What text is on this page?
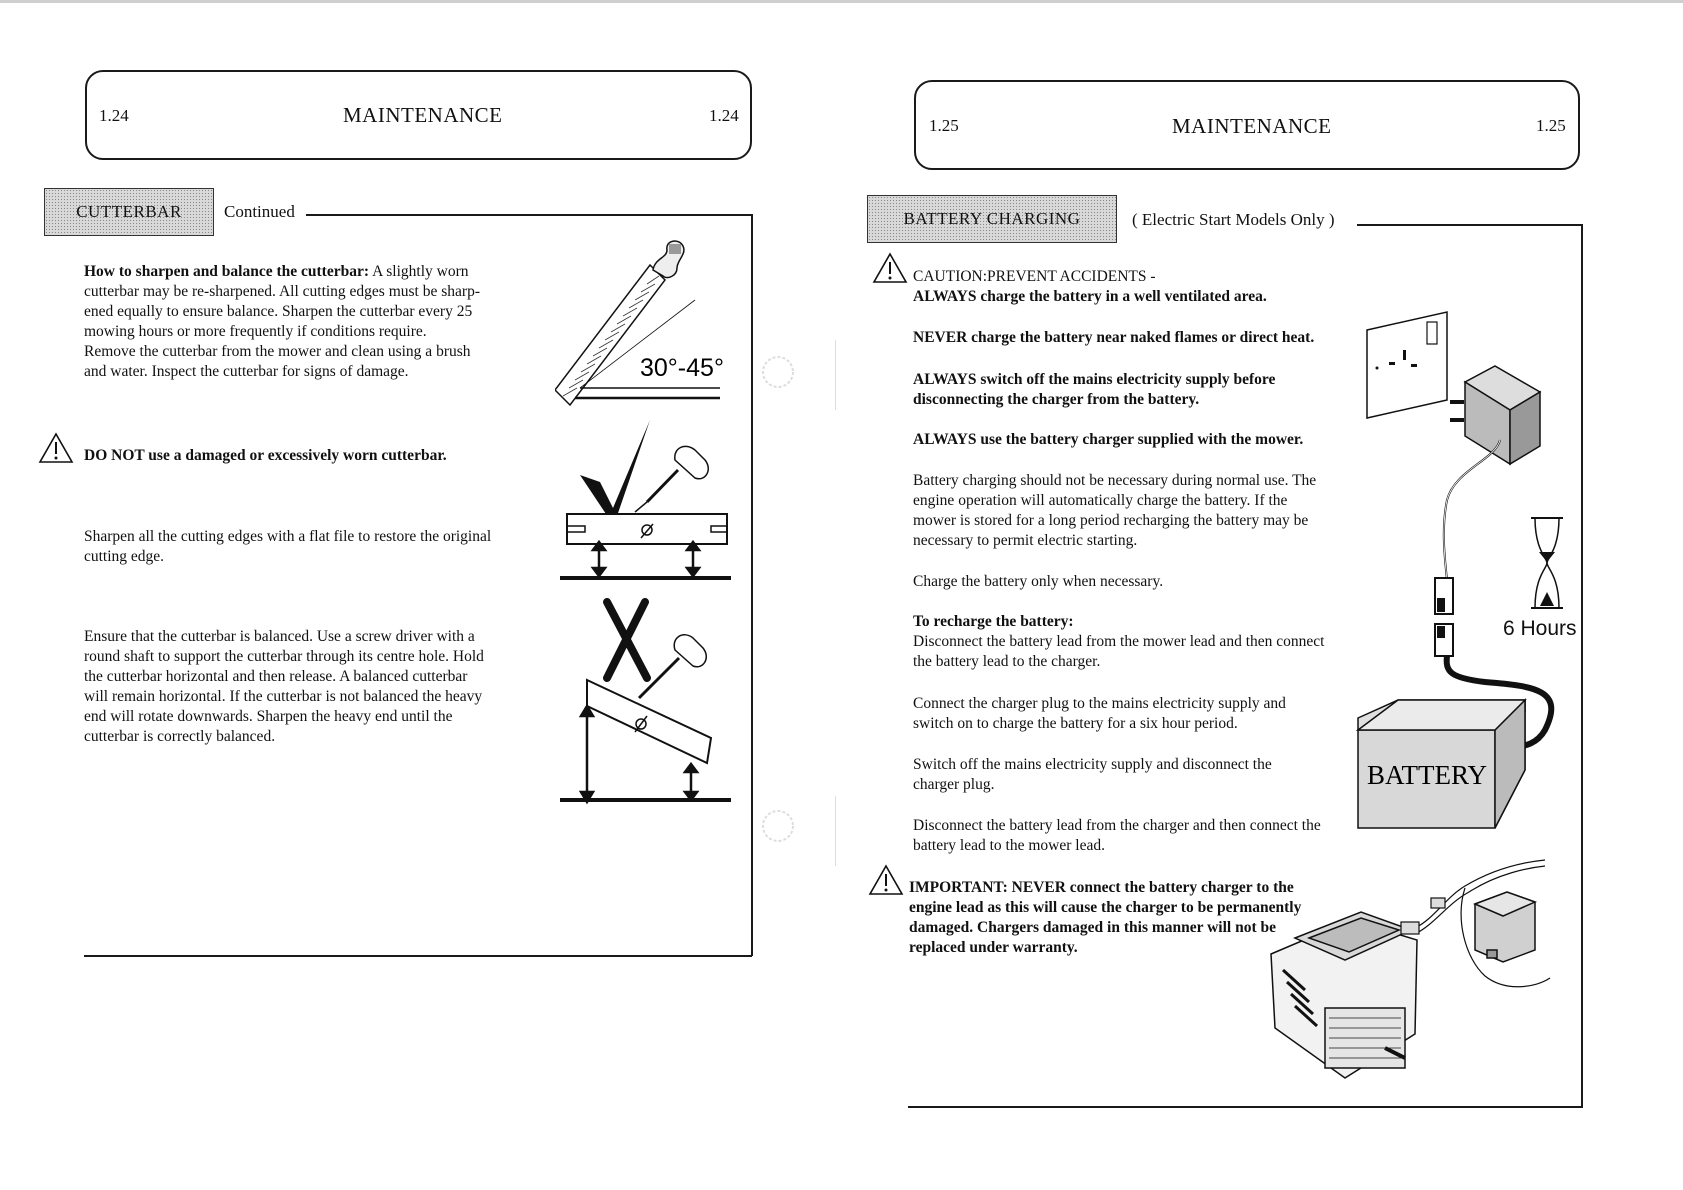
1.24	MAINTENANCE	1.24
CUTTERBAR	Continued
How to sharpen and balance the cutterbar: A slightly worn
cutterbar may be re-sharpened. All cutting edges must be sharp-
ened equally to ensure balance. Sharpen the cutterbar every 25
mowing hours or more frequently if conditions require.
Remove the cutterbar from the mower and clean using a brush
and water. Inspect the cutterbar for signs of damage.
DO NOT use a damaged or excessively worn cutterbar.
Sharpen all the cutting edges with a flat file to restore the original
cutting edge.
Ensure that the cutterbar is balanced. Use a screw driver with a
round shaft to support the cutterbar through its centre hole. Hold
the cutterbar horizontal and then release. A balanced cutterbar
will remain horizontal. If the cutterbar is not balanced the heavy
end will rotate downwards. Sharpen the heavy end until the
cutterbar is correctly balanced.
30°-45°
1.25	MAINTENANCE	1.25
BATTERY CHARGING	( Electric Start Models Only )
CAUTION:PREVENT ACCIDENTS -
ALWAYS charge the battery in a well ventilated area.
NEVER charge the battery near naked flames or direct heat.
ALWAYS switch off the mains electricity supply before
disconnecting the charger from the battery.
ALWAYS use the battery charger supplied with the mower.
Battery charging should not be necessary during normal use. The
engine operation will automatically charge the battery. If the
mower is stored for a long period recharging the battery may be
necessary to permit electric starting.
Charge the battery only when necessary.
To recharge the battery:
Disconnect the battery lead from the mower lead and then connect
the battery lead to the charger.
Connect the charger plug to the mains electricity supply and
switch on to charge the battery for a six hour period.
Switch off the mains electricity supply and disconnect the
charger plug.
Disconnect the battery lead from the charger and then connect the
battery lead to the mower lead.
IMPORTANT: NEVER connect the battery charger to the
engine lead as this will cause the charger to be permanently
damaged. Chargers damaged in this manner will not be
replaced under warranty.
BATTERY
6 Hours
